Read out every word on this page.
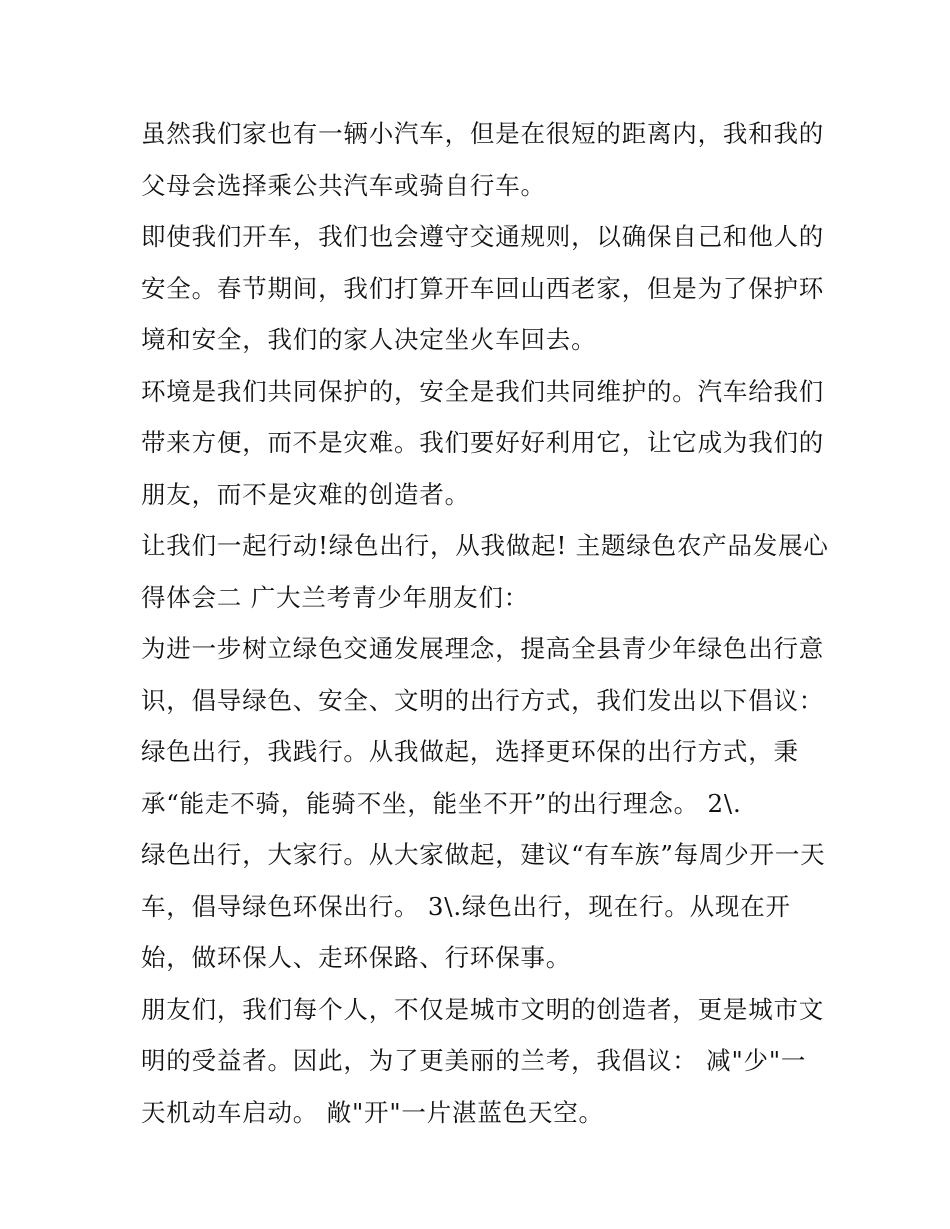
虽然我们家也有一辆小汽车，但是在很短的距离内，我和我的
父母会选择乘公共汽车或骑自行车。
即使我们开车，我们也会遵守交通规则，以确保自己和他人的
安全。春节期间，我们打算开车回山西老家，但是为了保护环
境和安全，我们的家人决定坐火车回去。
环境是我们共同保护的，安全是我们共同维护的。汽车给我们
带来方便，而不是灾难。我们要好好利用它，让它成为我们的
朋友，而不是灾难的创造者。
让我们一起行动!绿色出行，从我做起! 主题绿色农产品发展心
得体会二 广大兰考青少年朋友们：
为进一步树立绿色交通发展理念，提高全县青少年绿色出行意
识，倡导绿色、安全、文明的出行方式，我们发出以下倡议：
绿色出行，我践行。从我做起，选择更环保的出行方式，秉
承“能走不骑，能骑不坐，能坐不开”的出行理念。 2\.
绿色出行，大家行。从大家做起，建议“有车族”每周少开一天
车，倡导绿色环保出行。 3\.绿色出行，现在行。从现在开
始，做环保人、走环保路、行环保事。
朋友们，我们每个人，不仅是城市文明的创造者，更是城市文
明的受益者。因此，为了更美丽的兰考，我倡议： 减"少"一
天机动车启动。 敞"开"一片湛蓝色天空。
